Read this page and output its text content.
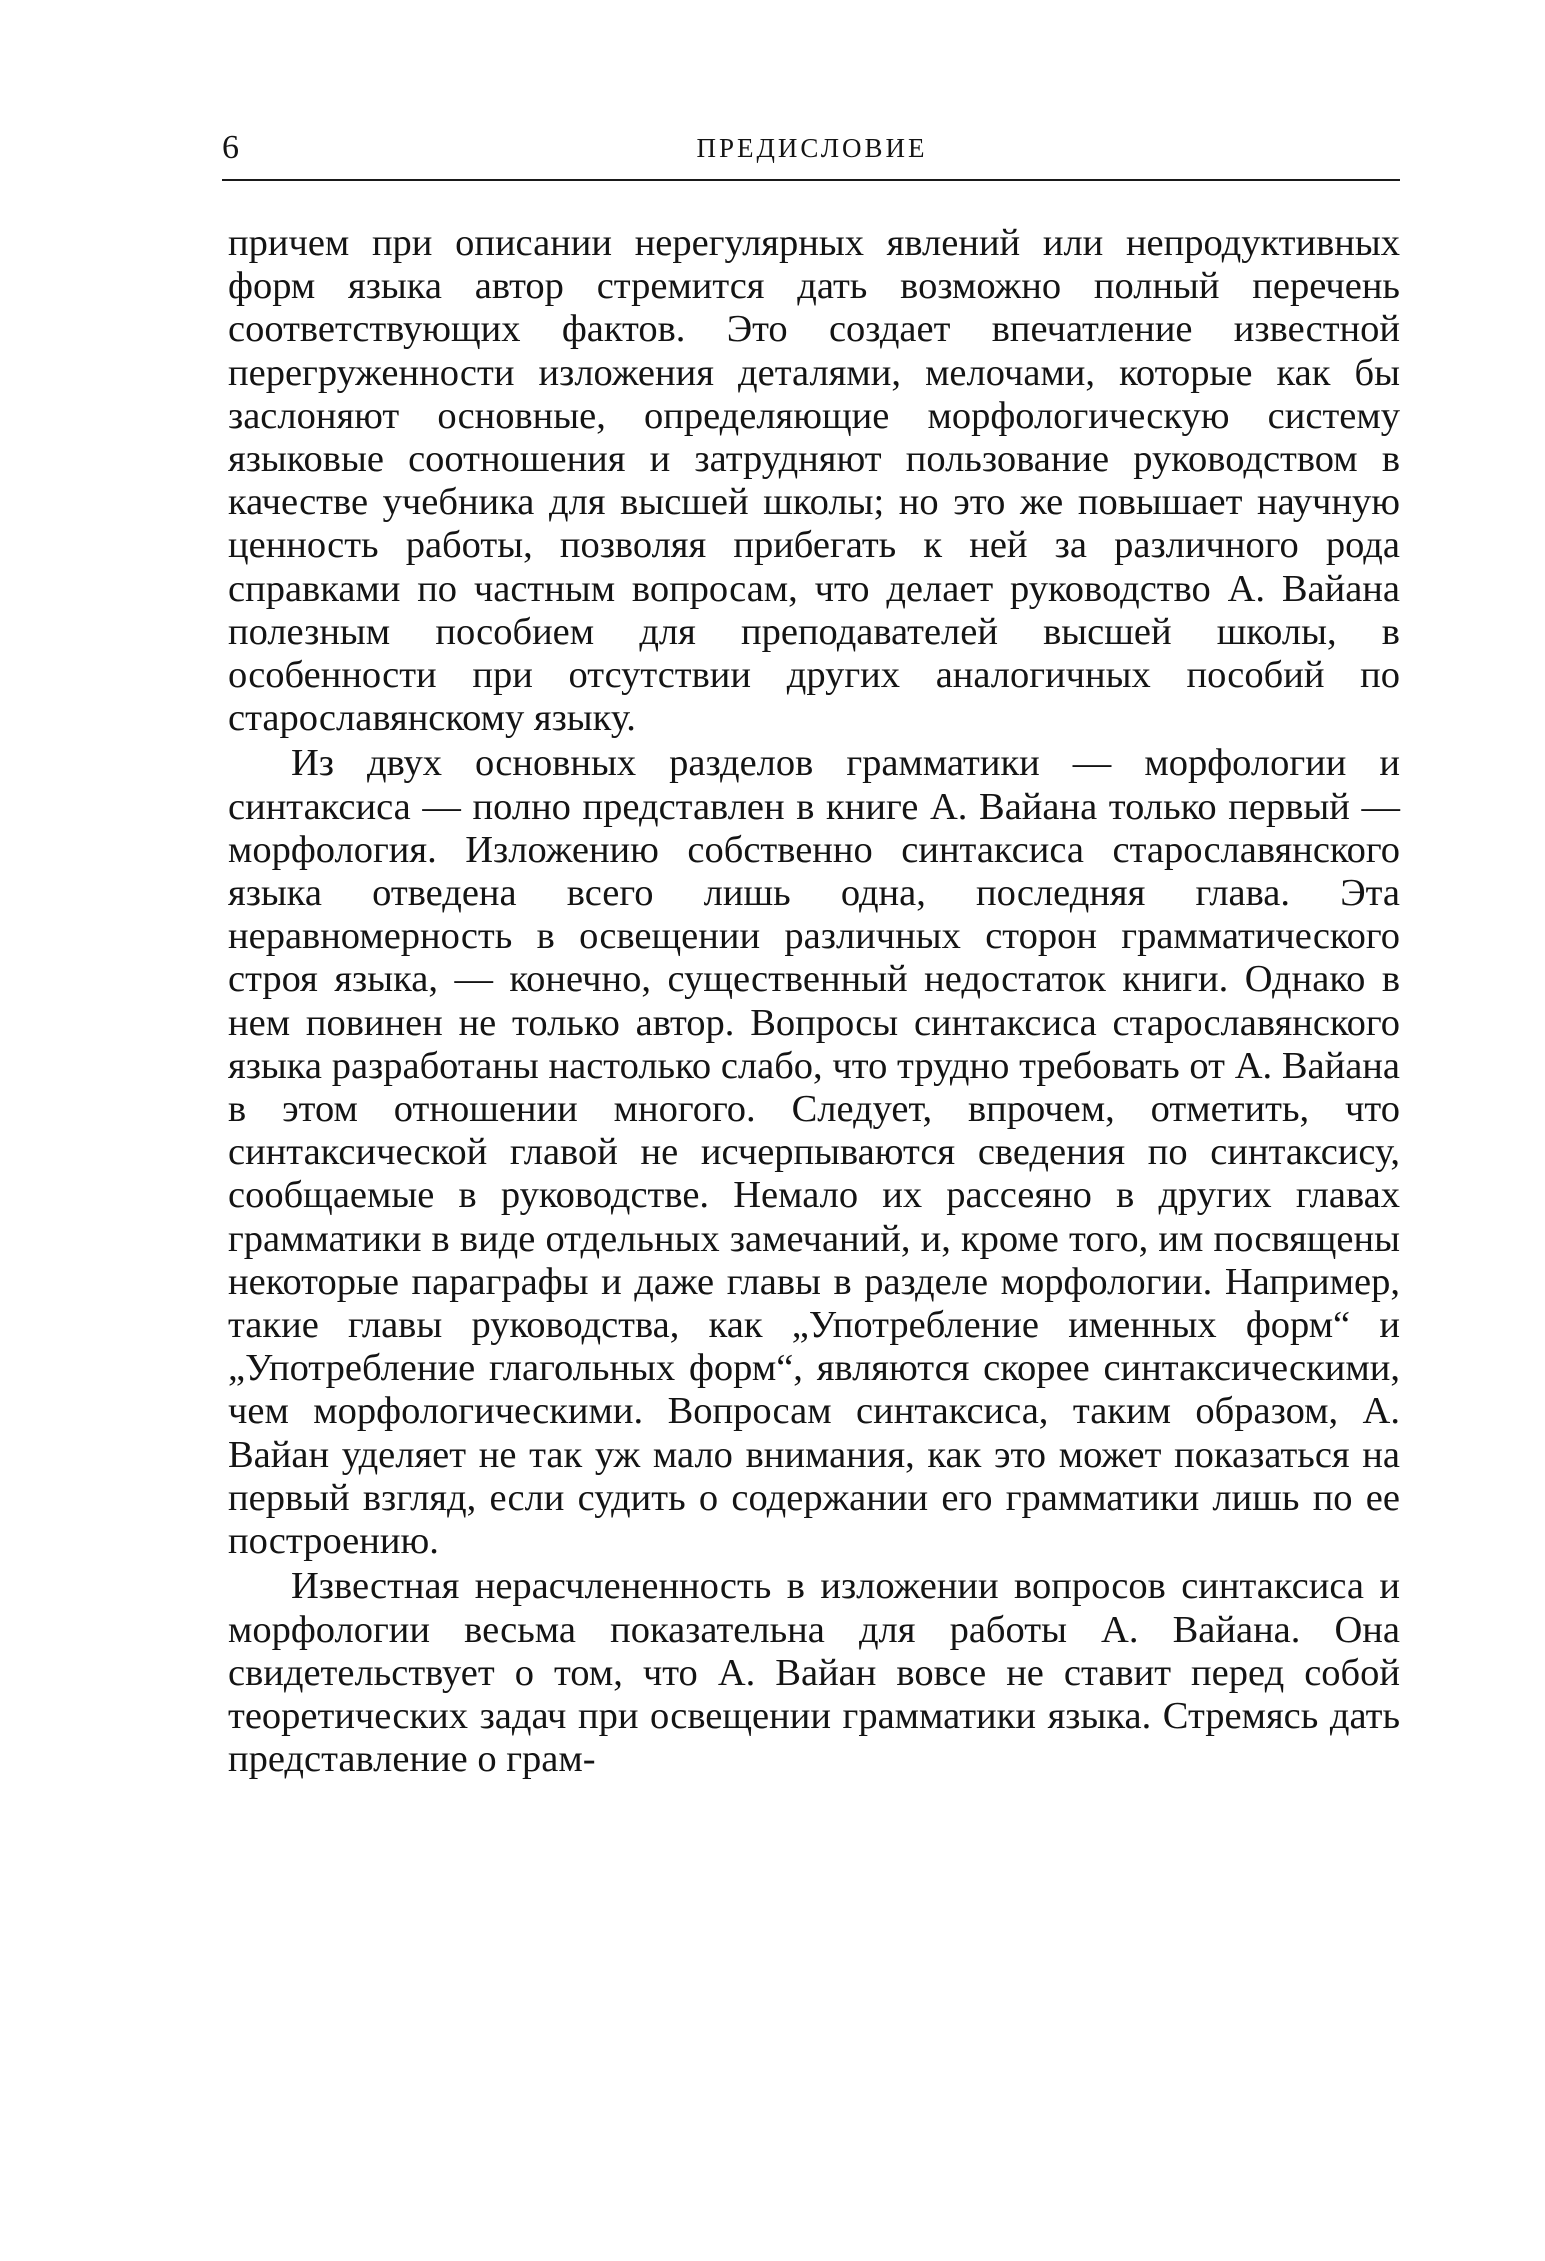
6	ПРЕДИСЛОВИЕ

причем при описании нерегулярных явлений или непродуктивных форм языка автор стремится дать возможно полный перечень соответствующих фактов. Это создает впечатление известной перегруженности изложения деталями, мелочами, которые как бы заслоняют основные, определяющие морфологическую систему языковые соотношения и затрудняют пользование руководством в качестве учебника для высшей школы; но это же повышает научную ценность работы, позволяя прибегать к ней за различного рода справками по частным вопросам, что делает руководство А. Вайана полезным пособием для преподавателей высшей школы, в особенности при отсутствии других аналогичных пособий по старославянскому языку.

Из двух основных разделов грамматики — морфологии и синтаксиса — полно представлен в книге А. Вайана только первый — морфология. Изложению собственно синтаксиса старославянского языка отведена всего лишь одна, последняя глава. Эта неравномерность в освещении различных сторон грамматического строя языка, — конечно, существенный недостаток книги. Однако в нем повинен не только автор. Вопросы синтаксиса старославянского языка разработаны настолько слабо, что трудно требовать от А. Вайана в этом отношении многого. Следует, впрочем, отметить, что синтаксической главой не исчерпываются сведения по синтаксису, сообщаемые в руководстве. Немало их рассеяно в других главах грамматики в виде отдельных замечаний, и, кроме того, им посвящены некоторые параграфы и даже главы в разделе морфологии. Например, такие главы руководства, как „Употребление именных форм“ и „Употребление глагольных форм“, являются скорее синтаксическими, чем морфологическими. Вопросам синтаксиса, таким образом, А. Вайан уделяет не так уж мало внимания, как это может показаться на первый взгляд, если судить о содержании его грамматики лишь по ее построению.

Известная нерасчлененность в изложении вопросов синтаксиса и морфологии весьма показательна для работы А. Вайана. Она свидетельствует о том, что А. Вайан вовсе не ставит перед собой теоретических задач при освещении грамматики языка. Стремясь дать представление о грам-
